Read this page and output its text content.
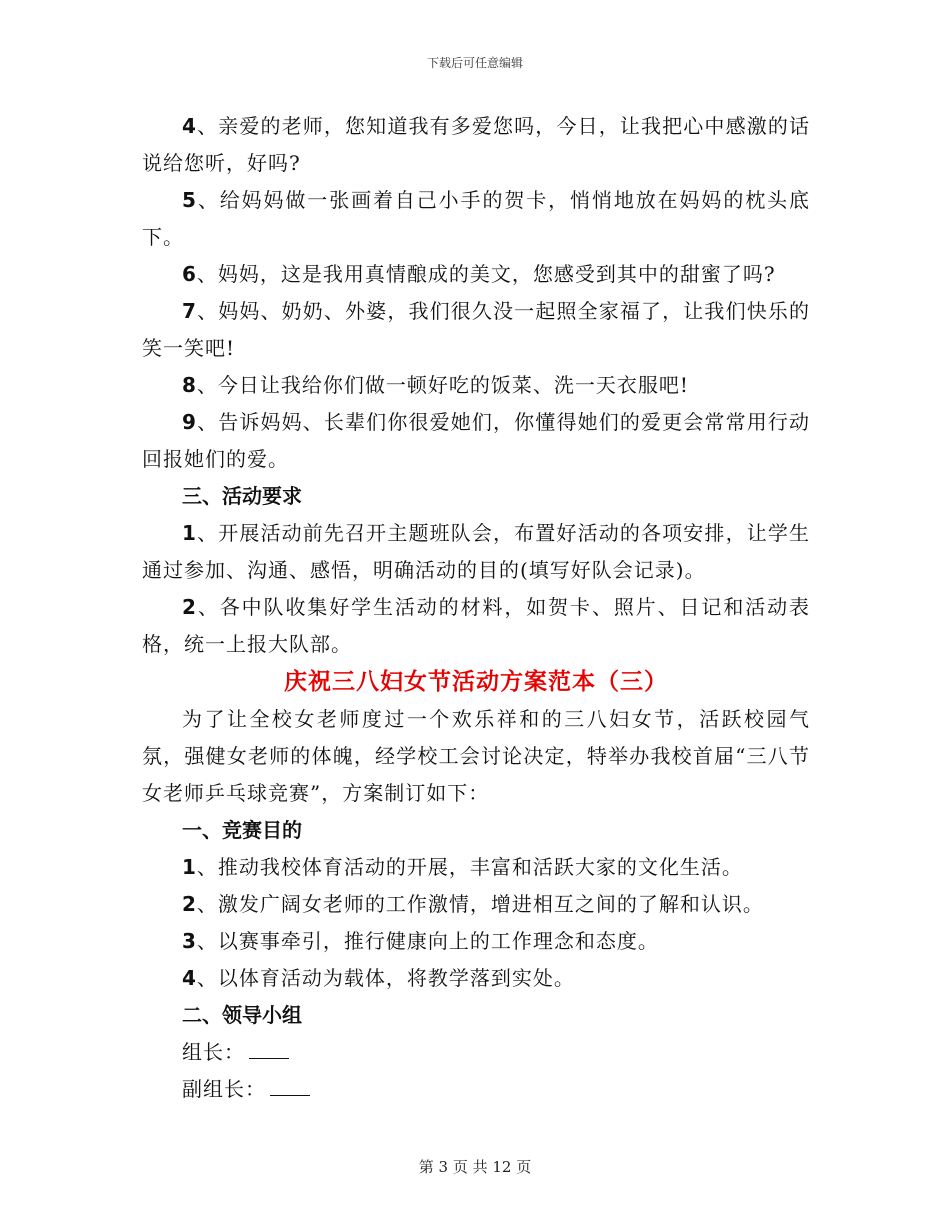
下载后可任意编辑

4、亲爱的老师，您知道我有多爱您吗，今日，让我把心中感激的话说给您听，好吗?

5、给妈妈做一张画着自己小手的贺卡，悄悄地放在妈妈的枕头底下。

6、妈妈，这是我用真情酿成的美文，您感受到其中的甜蜜了吗?

7、妈妈、奶奶、外婆，我们很久没一起照全家福了，让我们快乐的笑一笑吧!

8、今日让我给你们做一顿好吃的饭菜、洗一天衣服吧!

9、告诉妈妈、长辈们你很爱她们，你懂得她们的爱更会常常用行动回报她们的爱。

三、活动要求

1、开展活动前先召开主题班队会，布置好活动的各项安排，让学生通过参加、沟通、感悟，明确活动的目的(填写好队会记录)。

2、各中队收集好学生活动的材料，如贺卡、照片、日记和活动表格，统一上报大队部。

庆祝三八妇女节活动方案范本（三）

为了让全校女老师度过一个欢乐祥和的三八妇女节，活跃校园气氛，强健女老师的体魄，经学校工会讨论决定，特举办我校首届“三八节女老师乒乓球竞赛”，方案制订如下：

一、竞赛目的

1、推动我校体育活动的开展，丰富和活跃大家的文化生活。

2、激发广阔女老师的工作激情，增进相互之间的了解和认识。

3、以赛事牵引，推行健康向上的工作理念和态度。

4、以体育活动为载体，将教学落到实处。

二、领导小组

组长：

副组长：

第 3 页 共 12 页
